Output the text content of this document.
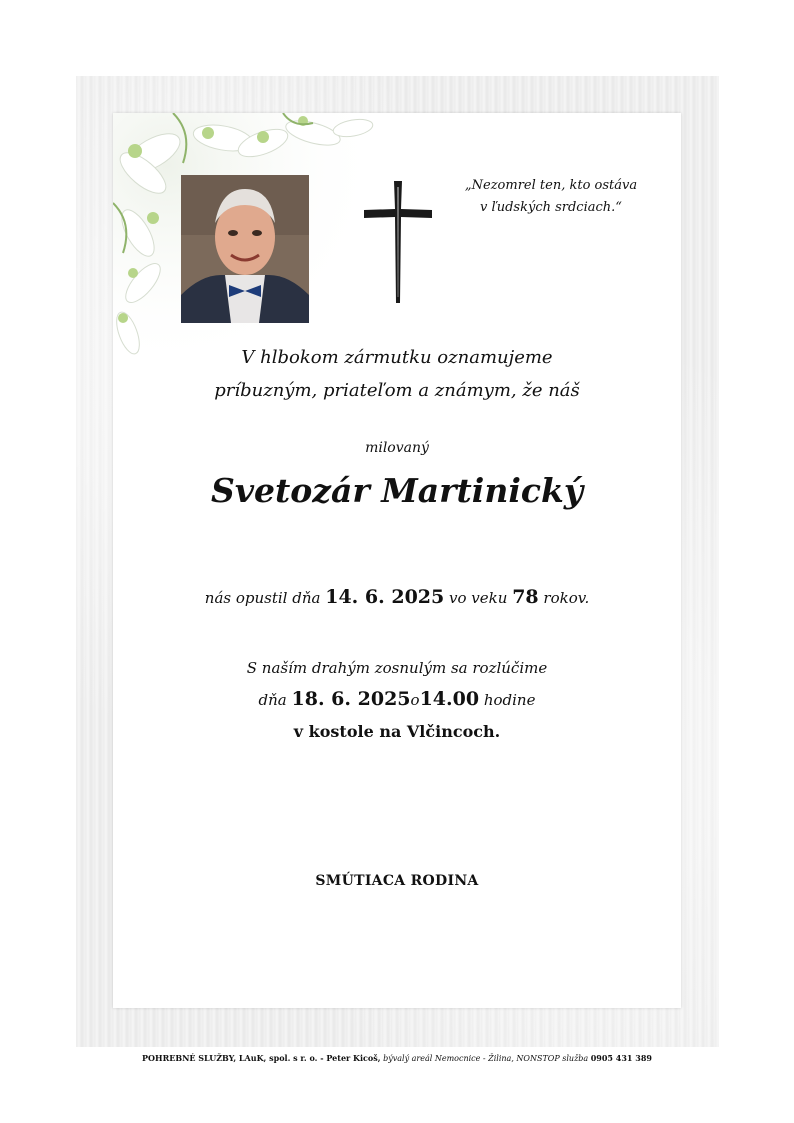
„Nezomrel ten, kto ostáva
v ľudských srdciach.“
V hlbokom zármutku oznamujeme
príbuzným, priateľom a známym, že náš
milovaný
Svetozár Martinický
nás opustil dňa 14. 6. 2025 vo veku 78 rokov.
S naším drahým zosnulým sa rozlúčime
dňa 18. 6. 2025o14.00 hodine
v kostole na Vlčincoch.
SMÚTIACA RODINA
POHREBNÉ SLUŽBY, LAuK, spol. s r. o. - Peter Kicoš, bývalý areál Nemocnice - Žilina, NONSTOP služba 0905 431 389
